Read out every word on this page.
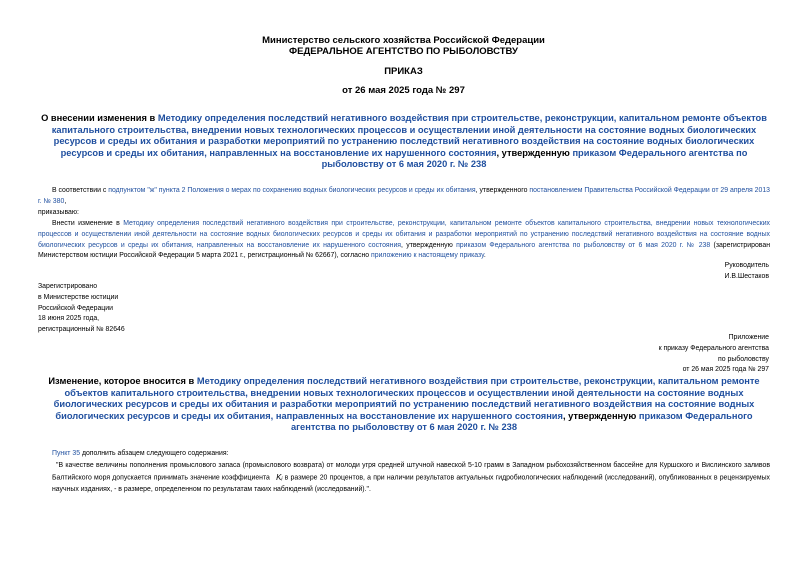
Министерство сельского хозяйства Российской Федерации
ФЕДЕРАЛЬНОЕ АГЕНТСТВО ПО РЫБОЛОВСТВУ
ПРИКАЗ
от 26 мая 2025 года № 297
О внесении изменения в Методику определения последствий негативного воздействия при строительстве, реконструкции, капитальном ремонте объектов капитального строительства, внедрении новых технологических процессов и осуществлении иной деятельности на состояние водных биологических ресурсов и среды их обитания и разработки мероприятий по устранению последствий негативного воздействия на состояние водных биологических ресурсов и среды их обитания, направленных на восстановление их нарушенного состояния, утвержденную приказом Федерального агентства по рыболовству от 6 мая 2020 г. № 238
В соответствии с подпунктом "ж" пункта 2 Положения о мерах по сохранению водных биологических ресурсов и среды их обитания, утвержденного постановлением Правительства Российской Федерации от 29 апреля 2013 г. № 380,
приказываю:
Внести изменение в Методику определения последствий негативного воздействия при строительстве, реконструкции, капитальном ремонте объектов капитального строительства, внедрении новых технологических процессов и осуществлении иной деятельности на состояние водных биологических ресурсов и среды их обитания и разработки мероприятий по устранению последствий негативного воздействия на состояние водных биологических ресурсов и среды их обитания, направленных на восстановление их нарушенного состояния, утвержденную приказом Федерального агентства по рыболовству от 6 мая 2020 г. № 238 (зарегистрирован Министерством юстиции Российской Федерации 5 марта 2021 г., регистрационный № 62667), согласно приложению к настоящему приказу.
Руководитель
И.В.Шестаков
Зарегистрировано
в Министерстве юстиции
Российской Федерации
18 июня 2025 года,
регистрационный № 82646
Приложение
к приказу Федерального агентства
по рыболовству
от 26 мая 2025 года № 297
Изменение, которое вносится в Методику определения последствий негативного воздействия при строительстве, реконструкции, капитальном ремонте объектов капитального строительства, внедрении новых технологических процессов и осуществлении иной деятельности на состояние водных биологических ресурсов и среды их обитания и разработки мероприятий по устранению последствий негативного воздействия на состояние водных биологических ресурсов и среды их обитания, направленных на восстановление их нарушенного состояния, утвержденную приказом Федерального агентства по рыболовству от 6 мая 2020 г. № 238
Пункт 35 дополнить абзацем следующего содержания:
"В качестве величины пополнения промыслового запаса (промыслового возврата) от молоди угря средней штучной навеской 5-10 грамм в Западном рыбохозяйственном бассейне для Куршского и Вислинского заливов Балтийского моря допускается принимать значение коэффициента Kᵢ в размере 20 процентов, а при наличии результатов актуальных гидробиологических наблюдений (исследований), опубликованных в рецензируемых научных изданиях, - в размере, определенном по результатам таких наблюдений (исследований).".
